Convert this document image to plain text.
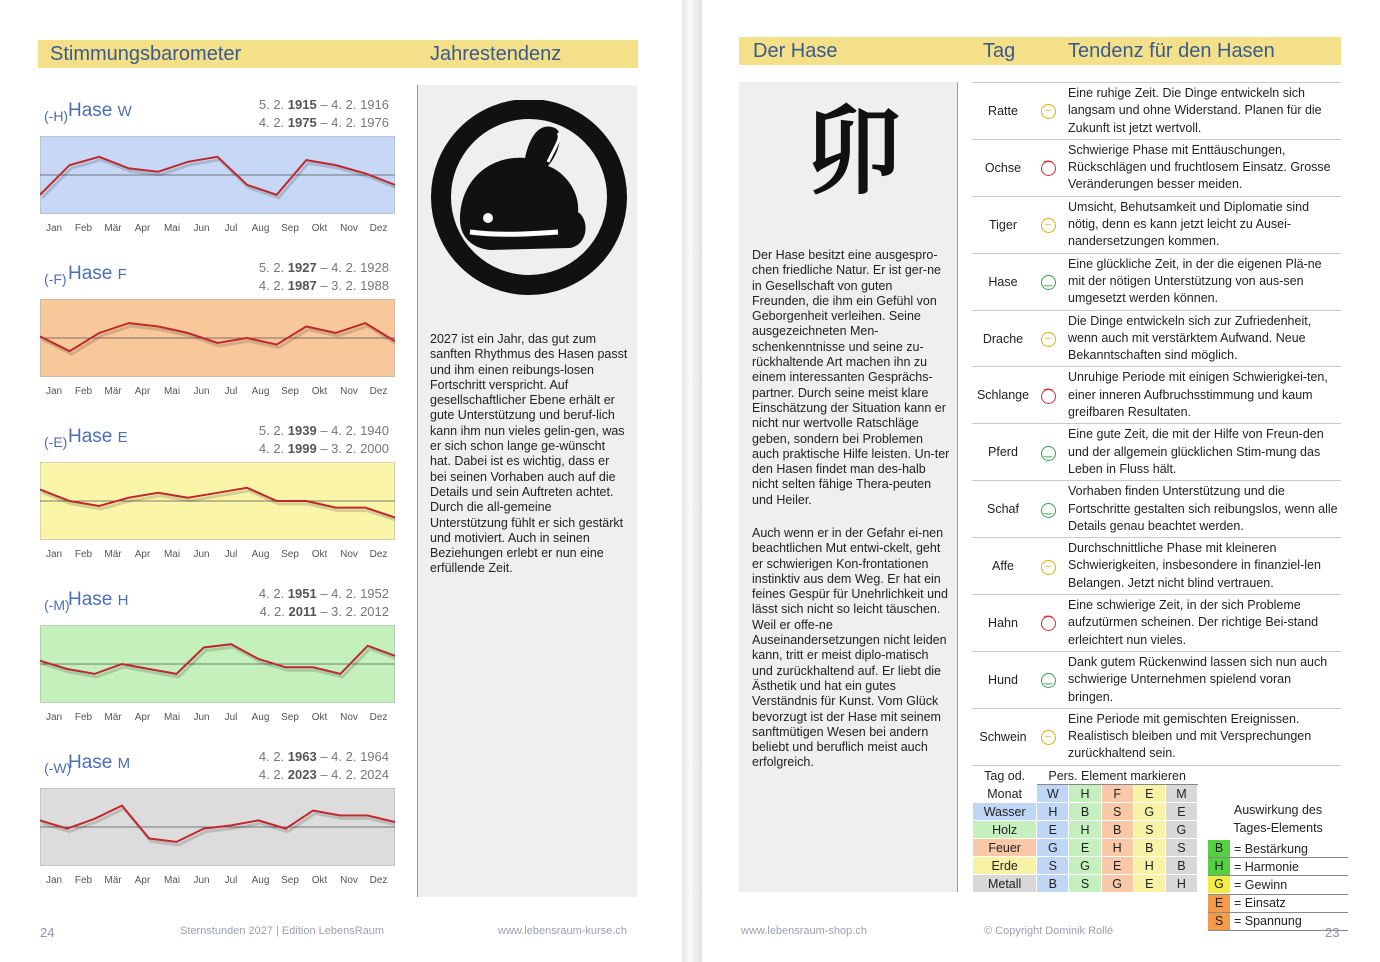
Stimmungsbarometer	Jahrestendenz
2027 ist ein Jahr, das gut zum sanften Rhythmus des Hasen passt und ihm einen reibungs-losen Fortschritt verspricht. Auf gesellschaftlicher Ebene erhält er gute Unterstützung und beruf-lich kann ihm nun vieles gelin-gen, was er sich schon lange ge-wünscht hat. Dabei ist es wichtig, dass er bei seinen Vorhaben auch auf die Details und sein Auftreten achtet. Durch die all-gemeine Unterstützung fühlt er sich gestärkt und motiviert. Auch in seinen Beziehungen erlebt er nun eine erfüllende Zeit.
(-H) Hase W	5. 2. 1915 – 4. 2. 1916
4. 2. 1975 – 4. 2. 1976
Jan Feb Mär Apr Mai Jun Jul Aug Sep Okt Nov Dez
(-F) Hase F	5. 2. 1927 – 4. 2. 1928
4. 2. 1987 – 3. 2. 1988
Jan Feb Mär Apr Mai Jun Jul Aug Sep Okt Nov Dez
(-E) Hase E	5. 2. 1939 – 4. 2. 1940
4. 2. 1999 – 3. 2. 2000
Jan Feb Mär Apr Mai Jun Jul Aug Sep Okt Nov Dez
(-M)
Hase H	4. 2. 1951 – 4. 2. 1952
4. 2. 2011 – 3. 2. 2012
Jan Feb Mär Apr Mai Jun Jul Aug Sep Okt Nov Dez
(-W)
Hase M	4. 2. 1963 – 4. 2. 1964
4. 2. 2023 – 4. 2. 2024
Jan Feb Mär Apr Mai Jun Jul Aug Sep Okt Nov Dez
24	Sternstunden 2027 | Edition LebensRaum	www.lebensraum-kurse.ch
Der Hase	Tag	Tendenz für den Hasen
卯
Der Hase besitzt eine ausgespro-chen friedliche Natur. Er ist ger-ne in Gesellschaft von guten Freunden, die ihm ein Gefühl von Geborgenheit verleihen. Seine ausgezeichneten Men-schenkenntnisse und seine zu-rückhaltende Art machen ihn zu einem interessanten Gesprächs-partner. Durch seine meist klare Einschätzung der Situation kann er nicht nur wertvolle Ratschläge geben, sondern bei Problemen auch praktische Hilfe leisten. Un-ter den Hasen findet man des-halb nicht selten fähige Thera-peuten und Heiler.
Auch wenn er in der Gefahr ei-nen beachtlichen Mut entwi-ckelt, geht er schwierigen Kon-frontationen instinktiv aus dem Weg. Er hat ein feines Gespür für Unehrlichkeit und lässt sich nicht so leicht täuschen. Weil er offe-ne Auseinandersetzungen nicht leiden kann, tritt er meist diplo-matisch und zurückhaltend auf. Er liebt die Ästhetik und hat ein gutes Verständnis für Kunst. Vom Glück bevorzugt ist der Hase mit seinem sanftmütigen Wesen bei andern beliebt und beruflich meist auch erfolgreich.
Ratte	–	Eine ruhige Zeit. Die Dinge entwickeln sich langsam und ohne Widerstand. Planen für die Zukunft ist jetzt wertvoll.
Ochse	⁀	Schwierige Phase mit Enttäuschungen, Rückschlägen und fruchtlosem Einsatz. Grosse Veränderungen besser meiden.
Tiger	–	Umsicht, Behutsamkeit und Diplomatie sind nötig, denn es kann jetzt leicht zu Ausei-nandersetzungen kommen.
Hase	‿	Eine glückliche Zeit, in der die eigenen Plä-ne mit der nötigen Unterstützung von aus-sen umgesetzt werden können.
Drache	–	Die Dinge entwickeln sich zur Zufriedenheit, wenn auch mit verstärktem Aufwand. Neue Bekanntschaften sind möglich.
Schlange	⁀	Unruhige Periode mit einigen Schwierigkei-ten, einer inneren Aufbruchsstimmung und kaum greifbaren Resultaten.
Pferd	‿	Eine gute Zeit, die mit der Hilfe von Freun-den und der allgemein glücklichen Stim-mung das Leben in Fluss hält.
Schaf	‿	Vorhaben finden Unterstützung und die Fortschritte gestalten sich reibungslos, wenn alle Details genau beachtet werden.
Affe	–	Durchschnittliche Phase mit kleineren Schwierigkeiten, insbesondere in finanziel-len Belangen. Jetzt nicht blind vertrauen.
Hahn	⁀	Eine schwierige Zeit, in der sich Probleme aufzutürmen scheinen. Der richtige Bei-stand erleichtert nun vieles.
Hund	‿	Dank gutem Rückenwind lassen sich nun auch schwierige Unternehmen spielend voran bringen.
Schwein	–	Eine Periode mit gemischten Ereignissen. Realistisch bleiben und mit Versprechungen zurückhaltend sein.
Tag od.	Pers. Element markieren				
Monat	W	H	F	E	M
Wasser	H	B	S	G	E
Holz	E	H	B	S	G
Feuer	G	E	H	B	S
Erde	S	G	E	H	B
Metall	B	S	G	E	H
Auswirkung des
Tages-Elements
B = Bestärkung
H = Harmonie
G = Gewinn
E = Einsatz
S = Spannung
www.lebensraum-shop.ch	© Copyright Dominik Rollé	23
